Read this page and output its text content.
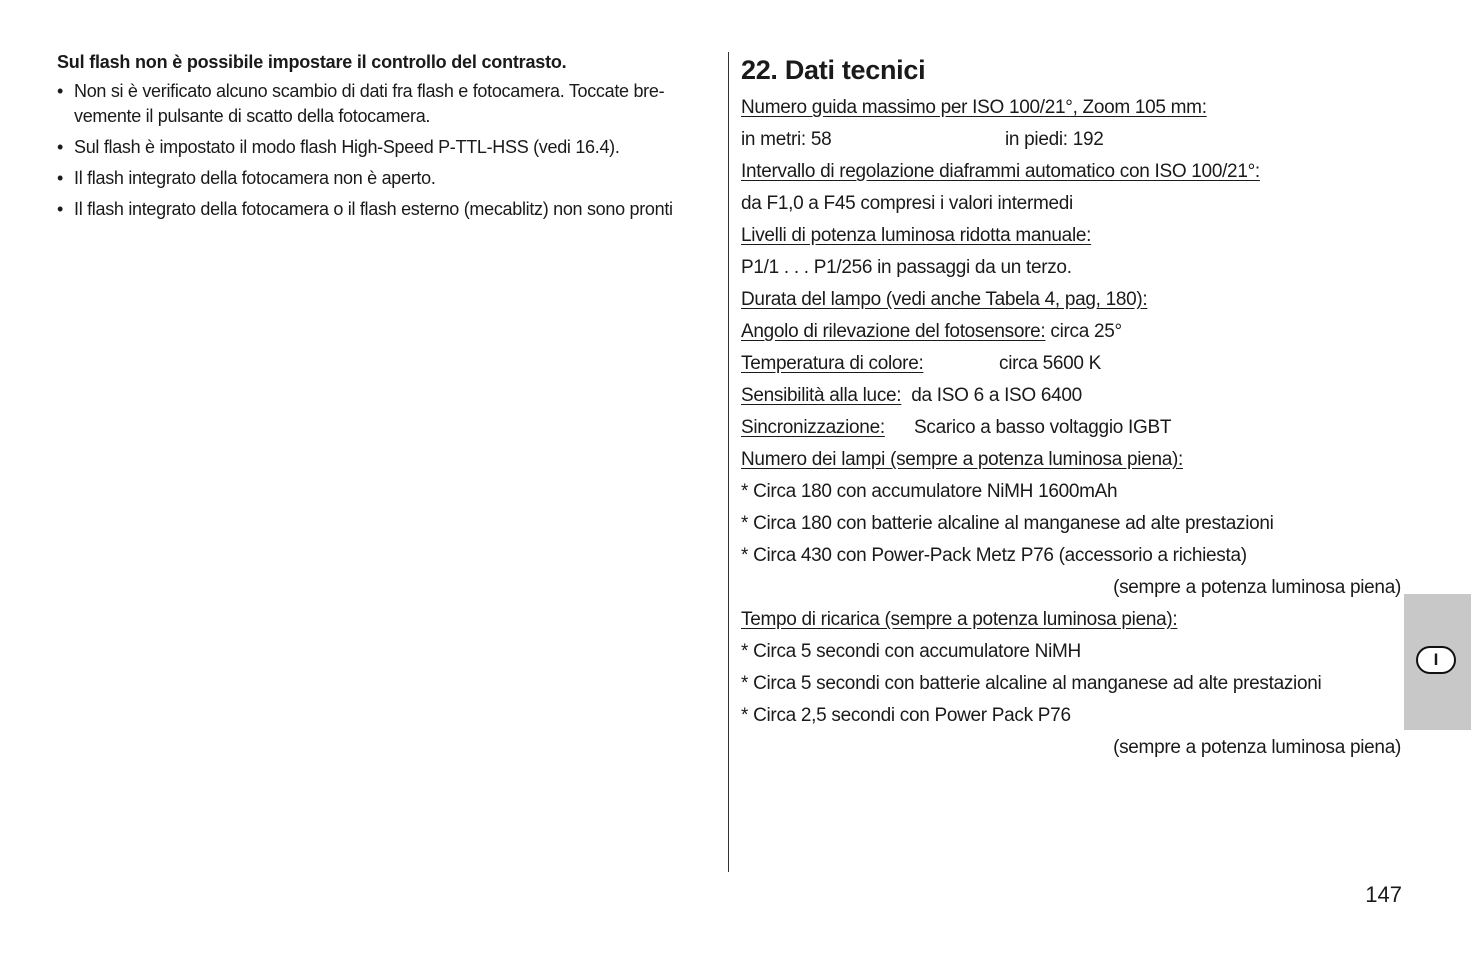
Sul flash non è possibile impostare il controllo del contrasto.
• Non si è verificato alcuno scambio di dati fra flash e fotocamera. Toccate bre-
vemente il pulsante di scatto della fotocamera.
• Sul flash è impostato il modo flash High-Speed P-TTL-HSS (vedi 16.4).
• Il flash integrato della fotocamera non è aperto.
• Il flash integrato della fotocamera o il flash esterno (mecablitz) non sono pronti
22. Dati tecnici
Numero guida massimo per ISO 100/21°, Zoom 105 mm:
in metri: 58	in piedi: 192
Intervallo di regolazione diaframmi automatico con ISO 100/21°:
da F1,0 a F45 compresi i valori intermedi
Livelli di potenza luminosa ridotta manuale:
P1/1 . . . P1/256 in passaggi da un terzo.
Durata del lampo (vedi anche Tabela 4, pag, 180):
Angolo di rilevazione del fotosensore: circa 25°
Temperatura di colore:	circa 5600 K
Sensibilità alla luce: da ISO 6 a ISO 6400
Sincronizzazione: Scarico a basso voltaggio IGBT
Numero dei lampi (sempre a potenza luminosa piena):
* Circa 180 con accumulatore NiMH 1600mAh
* Circa 180 con batterie alcaline al manganese ad alte prestazioni
* Circa 430 con Power-Pack Metz P76 (accessorio a richiesta)
(sempre a potenza luminosa piena)
Tempo di ricarica (sempre a potenza luminosa piena):
* Circa 5 secondi con accumulatore NiMH
* Circa 5 secondi con batterie alcaline al manganese ad alte prestazioni
* Circa 2,5 secondi con Power Pack P76
(sempre a potenza luminosa piena)
I
147
